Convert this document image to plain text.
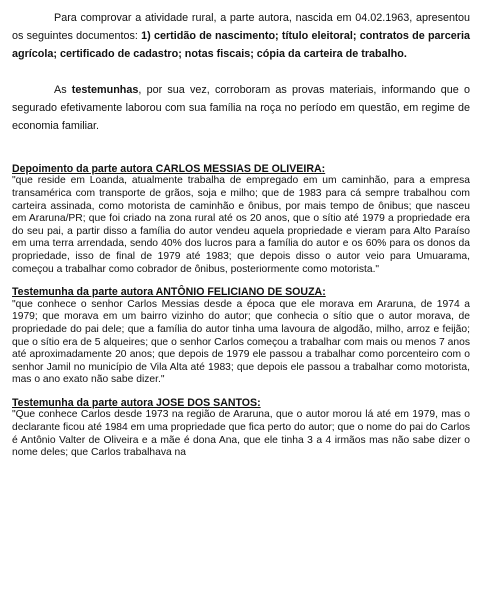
Para comprovar a atividade rural, a parte autora, nascida em 04.02.1963, apresentou os seguintes documentos: 1) certidão de nascimento; título eleitoral; contratos de parceria agrícola; certificado de cadastro; notas fiscais; cópia da carteira de trabalho.

As testemunhas, por sua vez, corroboram as provas materiais, informando que o segurado efetivamente laborou com sua família na roça no período em questão, em regime de economia familiar.

Depoimento da parte autora CARLOS MESSIAS DE OLIVEIRA:

"que reside em Loanda, atualmente trabalha de empregado em um caminhão, para a empresa transamérica com transporte de grãos, soja e milho; que de 1983 para cá sempre trabalhou com carteira assinada, como motorista de caminhão e ônibus, por mais tempo de ônibus; que nasceu em Araruna/PR; que foi criado na zona rural até os 20 anos, que o sítio até 1979 a propriedade era do seu pai, a partir disso a família do autor vendeu aquela propriedade e vieram para Alto Paraíso em uma terra arrendada, sendo 40% dos lucros para a família do autor e os 60% para os donos da propriedade, isso de final de 1979 até 1983; que depois disso o autor veio para Umuarama, começou a trabalhar como cobrador de ônibus, posteriormente como motorista."

Testemunha da parte autora ANTÔNIO FELICIANO DE SOUZA:

"que conhece o senhor Carlos Messias desde a época que ele morava em Araruna, de 1974 a 1979; que morava em um bairro vizinho do autor; que conhecia o sítio que o autor morava, de propriedade do pai dele; que a família do autor tinha uma lavoura de algodão, milho, arroz e feijão; que o sítio era de 5 alqueires; que o senhor Carlos começou a trabalhar com mais ou menos 7 anos até aproximadamente 20 anos; que depois de 1979 ele passou a trabalhar como porcenteiro com o senhor Jamil no município de Vila Alta até 1983; que depois ele passou a trabalhar como motorista, mas o ano exato não sabe dizer."

Testemunha da parte autora JOSE DOS SANTOS:

"Que conhece Carlos desde 1973 na região de Araruna, que o autor morou lá até em 1979, mas o declarante ficou até 1984 em uma propriedade que fica perto do autor; que o nome do pai do Carlos é Antônio Valter de Oliveira e a mãe é dona Ana, que ele tinha 3 a 4 irmãos mas não sabe dizer o nome deles; que Carlos trabalhava na
